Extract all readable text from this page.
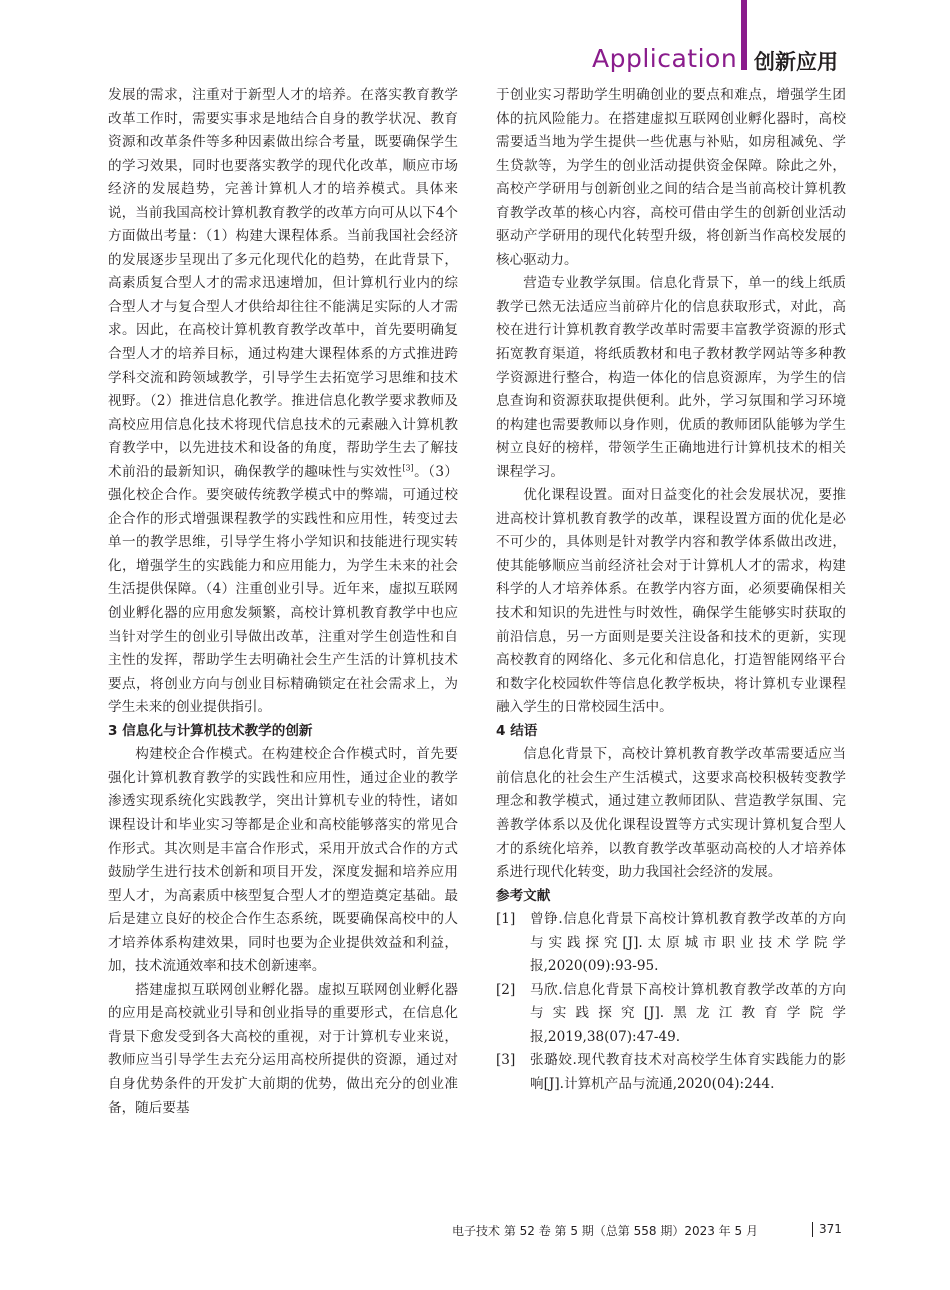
Application 创新应用

发展的需求，注重对于新型人才的培养。在落实教育教学改革工作时，需要实事求是地结合自身的教学状况、教育资源和改革条件等多种因素做出综合考量，既要确保学生的学习效果，同时也要落实教学的现代化改革，顺应市场经济的发展趋势，完善计算机人才的培养模式。具体来说，当前我国高校计算机教育教学的改革方向可从以下4个方面做出考量：（1）构建大课程体系。当前我国社会经济的发展逐步呈现出了多元化现代化的趋势，在此背景下，高素质复合型人才的需求迅速增加，但计算机行业内的综合型人才与复合型人才供给却往往不能满足实际的人才需求。因此，在高校计算机教育教学改革中，首先要明确复合型人才的培养目标，通过构建大课程体系的方式推进跨学科交流和跨领域教学，引导学生去拓宽学习思维和技术视野。（2）推进信息化教学。推进信息化教学要求教师及高校应用信息化技术将现代信息技术的元素融入计算机教育教学中，以先进技术和设备的角度，帮助学生去了解技术前沿的最新知识，确保教学的趣味性与实效性[3]。（3）强化校企合作。要突破传统教学模式中的弊端，可通过校企合作的形式增强课程教学的实践性和应用性，转变过去单一的教学思维，引导学生将小学知识和技能进行现实转化，增强学生的实践能力和应用能力，为学生未来的社会生活提供保障。（4）注重创业引导。近年来，虚拟互联网创业孵化器的应用愈发频繁，高校计算机教育教学中也应当针对学生的创业引导做出改革，注重对学生创造性和自主性的发挥，帮助学生去明确社会生产生活的计算机技术要点，将创业方向与创业目标精确锁定在社会需求上，为学生未来的创业提供指引。

3 信息化与计算机技术教学的创新

构建校企合作模式。在构建校企合作模式时，首先要强化计算机教育教学的实践性和应用性，通过企业的教学渗透实现系统化实践教学，突出计算机专业的特性，诸如课程设计和毕业实习等都是企业和高校能够落实的常见合作形式。其次则是丰富合作形式，采用开放式合作的方式鼓励学生进行技术创新和项目开发，深度发掘和培养应用型人才，为高素质中核型复合型人才的塑造奠定基础。最后是建立良好的校企合作生态系统，既要确保高校中的人才培养体系构建效果，同时也要为企业提供效益和利益，加，技术流通效率和技术创新速率。

搭建虚拟互联网创业孵化器。虚拟互联网创业孵化器的应用是高校就业引导和创业指导的重要形式，在信息化背景下愈发受到各大高校的重视，对于计算机专业来说，教师应当引导学生去充分运用高校所提供的资源，通过对自身优势条件的开发扩大前期的优势，做出充分的创业准备，随后要基

于创业实习帮助学生明确创业的要点和难点，增强学生团体的抗风险能力。在搭建虚拟互联网创业孵化器时，高校需要适当地为学生提供一些优惠与补贴，如房租减免、学生贷款等，为学生的创业活动提供资金保障。除此之外，高校产学研用与创新创业之间的结合是当前高校计算机教育教学改革的核心内容，高校可借由学生的创新创业活动驱动产学研用的现代化转型升级，将创新当作高校发展的核心驱动力。

营造专业教学氛围。信息化背景下，单一的线上纸质教学已然无法适应当前碎片化的信息获取形式，对此，高校在进行计算机教育教学改革时需要丰富教学资源的形式拓宽教育渠道，将纸质教材和电子教材教学网站等多种教学资源进行整合，构造一体化的信息资源库，为学生的信息查询和资源获取提供便利。此外，学习氛围和学习环境的构建也需要教师以身作则，优质的教师团队能够为学生树立良好的榜样，带领学生正确地进行计算机技术的相关课程学习。

优化课程设置。面对日益变化的社会发展状况，要推进高校计算机教育教学的改革，课程设置方面的优化是必不可少的，具体则是针对教学内容和教学体系做出改进，使其能够顺应当前经济社会对于计算机人才的需求，构建科学的人才培养体系。在教学内容方面，必须要确保相关技术和知识的先进性与时效性，确保学生能够实时获取的前沿信息，另一方面则是要关注设备和技术的更新，实现高校教育的网络化、多元化和信息化，打造智能网络平台和数字化校园软件等信息化教学板块，将计算机专业课程融入学生的日常校园生活中。

4 结语

信息化背景下，高校计算机教育教学改革需要适应当前信息化的社会生产生活模式，这要求高校积极转变教学理念和教学模式，通过建立教师团队、营造教学氛围、完善教学体系以及优化课程设置等方式实现计算机复合型人才的系统化培养，以教育教学改革驱动高校的人才培养体系进行现代化转变，助力我国社会经济的发展。

参考文献
[1]	曾铮.信息化背景下高校计算机教育教学改革的方向与实践探究[J].太原城市职业技术学院学报,2020(09):93-95.
[2]	马欣.信息化背景下高校计算机教育教学改革的方向与实践探究[J].黑龙江教育学院学报,2019,38(07):47-49.
[3]	张璐姣.现代教育技术对高校学生体育实践能力的影响[J].计算机产品与流通,2020(04):244.
电子技术 第 52 卷 第 5 期（总第 558 期）2023 年 5 月	371
